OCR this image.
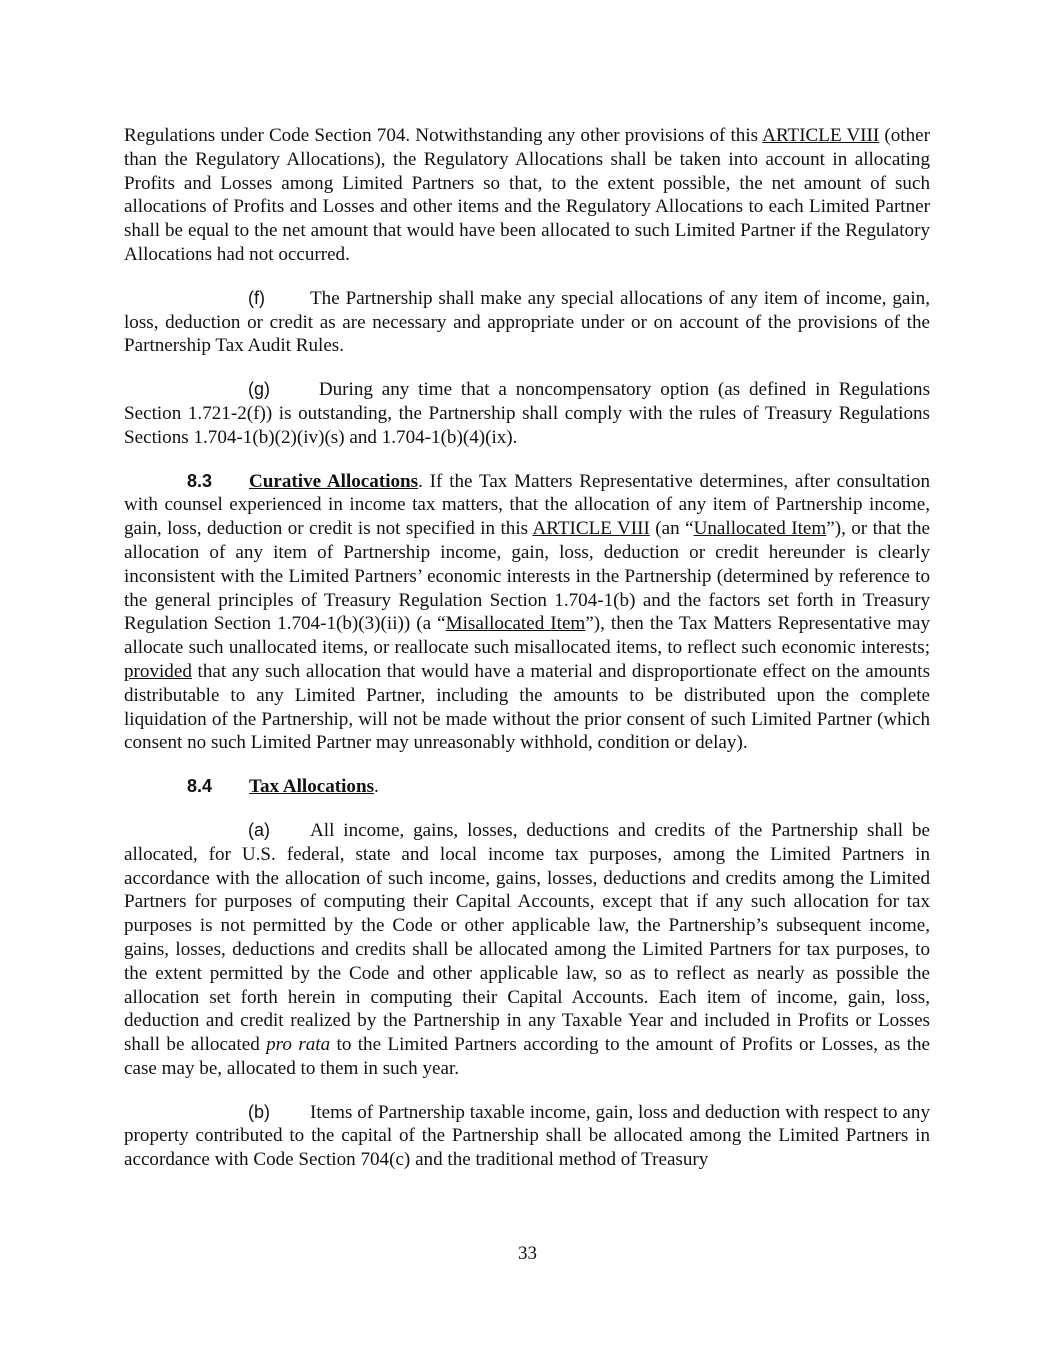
Regulations under Code Section 704. Notwithstanding any other provisions of this ARTICLE VIII (other than the Regulatory Allocations), the Regulatory Allocations shall be taken into account in allocating Profits and Losses among Limited Partners so that, to the extent possible, the net amount of such allocations of Profits and Losses and other items and the Regulatory Allocations to each Limited Partner shall be equal to the net amount that would have been allocated to such Limited Partner if the Regulatory Allocations had not occurred.

(f) The Partnership shall make any special allocations of any item of income, gain, loss, deduction or credit as are necessary and appropriate under or on account of the provisions of the Partnership Tax Audit Rules.

(g) During any time that a noncompensatory option (as defined in Regulations Section 1.721-2(f)) is outstanding, the Partnership shall comply with the rules of Treasury Regulations Sections 1.704-1(b)(2)(iv)(s) and 1.704-1(b)(4)(ix).

8.3 Curative Allocations. If the Tax Matters Representative determines, after consultation with counsel experienced in income tax matters, that the allocation of any item of Partnership income, gain, loss, deduction or credit is not specified in this ARTICLE VIII (an “Unallocated Item”), or that the allocation of any item of Partnership income, gain, loss, deduction or credit hereunder is clearly inconsistent with the Limited Partners’ economic interests in the Partnership (determined by reference to the general principles of Treasury Regulation Section 1.704-1(b) and the factors set forth in Treasury Regulation Section 1.704-1(b)(3)(ii)) (a “Misallocated Item”), then the Tax Matters Representative may allocate such unallocated items, or reallocate such misallocated items, to reflect such economic interests; provided that any such allocation that would have a material and disproportionate effect on the amounts distributable to any Limited Partner, including the amounts to be distributed upon the complete liquidation of the Partnership, will not be made without the prior consent of such Limited Partner (which consent no such Limited Partner may unreasonably withhold, condition or delay).

8.4 Tax Allocations.

(a) All income, gains, losses, deductions and credits of the Partnership shall be allocated, for U.S. federal, state and local income tax purposes, among the Limited Partners in accordance with the allocation of such income, gains, losses, deductions and credits among the Limited Partners for purposes of computing their Capital Accounts, except that if any such allocation for tax purposes is not permitted by the Code or other applicable law, the Partnership’s subsequent income, gains, losses, deductions and credits shall be allocated among the Limited Partners for tax purposes, to the extent permitted by the Code and other applicable law, so as to reflect as nearly as possible the allocation set forth herein in computing their Capital Accounts. Each item of income, gain, loss, deduction and credit realized by the Partnership in any Taxable Year and included in Profits or Losses shall be allocated pro rata to the Limited Partners according to the amount of Profits or Losses, as the case may be, allocated to them in such year.

(b) Items of Partnership taxable income, gain, loss and deduction with respect to any property contributed to the capital of the Partnership shall be allocated among the Limited Partners in accordance with Code Section 704(c) and the traditional method of Treasury

33
